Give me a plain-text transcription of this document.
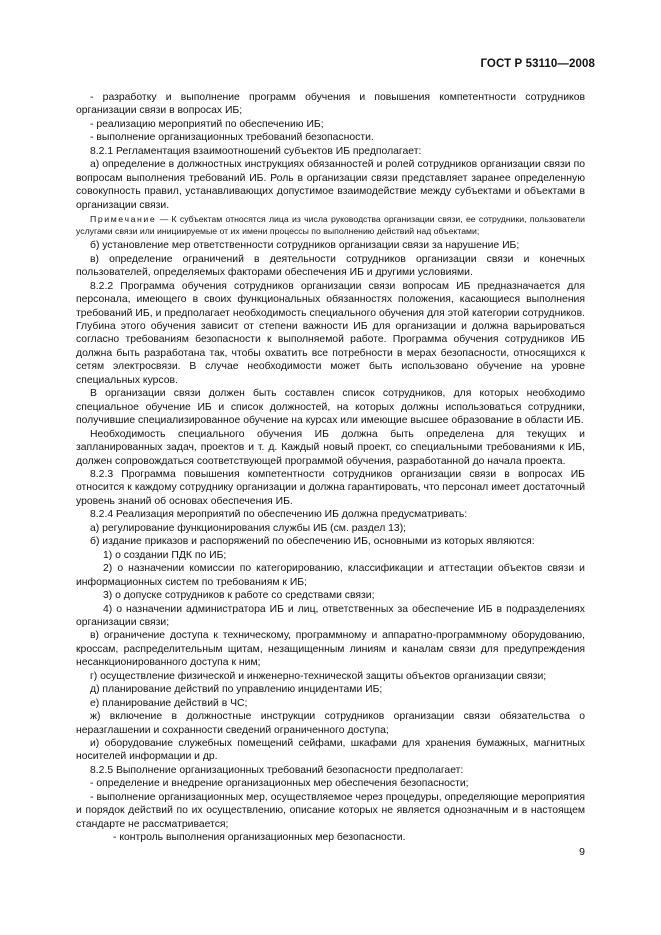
ГОСТ Р 53110—2008

- разработку и выполнение программ обучения и повышения компетентности сотрудников организации связи в вопросах ИБ;

- реализацию мероприятий по обеспечению ИБ;

- выполнение организационных требований безопасности.

8.2.1 Регламентация взаимоотношений субъектов ИБ предполагает:

а) определение в должностных инструкциях обязанностей и ролей сотрудников организации связи по вопросам выполнения требований ИБ. Роль в организации связи представляет заранее определенную совокупность правил, устанавливающих допустимое взаимодействие между субъектами и объектами в организации связи.

Примечание — К субъектам относятся лица из числа руководства организации связи, ее сотрудники, пользователи услугами связи или инициируемые от их имени процессы по выполнению действий над объектами;

б) установление мер ответственности сотрудников организации связи за нарушение ИБ;

в) определение ограничений в деятельности сотрудников организации связи и конечных пользователей, определяемых факторами обеспечения ИБ и другими условиями.

8.2.2 Программа обучения сотрудников организации связи вопросам ИБ предназначается для персонала, имеющего в своих функциональных обязанностях положения, касающиеся выполнения требований ИБ, и предполагает необходимость специального обучения для этой категории сотрудников. Глубина этого обучения зависит от степени важности ИБ для организации и должна варьироваться согласно требованиям безопасности к выполняемой работе. Программа обучения сотрудников ИБ должна быть разработана так, чтобы охватить все потребности в мерах безопасности, относящихся к сетям электросвязи. В случае необходимости может быть использовано обучение на уровне специальных курсов.

В организации связи должен быть составлен список сотрудников, для которых необходимо специальное обучение ИБ и список должностей, на которых должны использоваться сотрудники, получившие специализированное обучение на курсах или имеющие высшее образование в области ИБ.

Необходимость специального обучения ИБ должна быть определена для текущих и запланированных задач, проектов и т. д. Каждый новый проект, со специальными требованиями к ИБ, должен сопровождаться соответствующей программой обучения, разработанной до начала проекта.

8.2.3 Программа повышения компетентности сотрудников организации связи в вопросах ИБ относится к каждому сотруднику организации и должна гарантировать, что персонал имеет достаточный уровень знаний об основах обеспечения ИБ.

8.2.4 Реализация мероприятий по обеспечению ИБ должна предусматривать:

а) регулирование функционирования службы ИБ (см. раздел 13);

б) издание приказов и распоряжений по обеспечению ИБ, основными из которых являются:

1) о создании ПДК по ИБ;

2) о назначении комиссии по категорированию, классификации и аттестации объектов связи и информационных систем по требованиям к ИБ;

3) о допуске сотрудников к работе со средствами связи;

4) о назначении администратора ИБ и лиц, ответственных за обеспечение ИБ в подразделениях организации связи;

в) ограничение доступа к техническому, программному и аппаратно-программному оборудованию, кроссам, распределительным щитам, незащищенным линиям и каналам связи для предупреждения несанкционированного доступа к ним;

г) осуществление физической и инженерно-технической защиты объектов организации связи;

д) планирование действий по управлению инцидентами ИБ;

е) планирование действий в ЧС;

ж) включение в должностные инструкции сотрудников организации связи обязательства о неразглашении и сохранности сведений ограниченного доступа;

и) оборудование служебных помещений сейфами, шкафами для хранения бумажных, магнитных носителей информации и др.

8.2.5 Выполнение организационных требований безопасности предполагает:

- определение и внедрение организационных мер обеспечения безопасности;

- выполнение организационных мер, осуществляемое через процедуры, определяющие мероприятия и порядок действий по их осуществлению, описание которых не является однозначным и в настоящем стандарте не рассматривается;

- контроль выполнения организационных мер безопасности.

9
